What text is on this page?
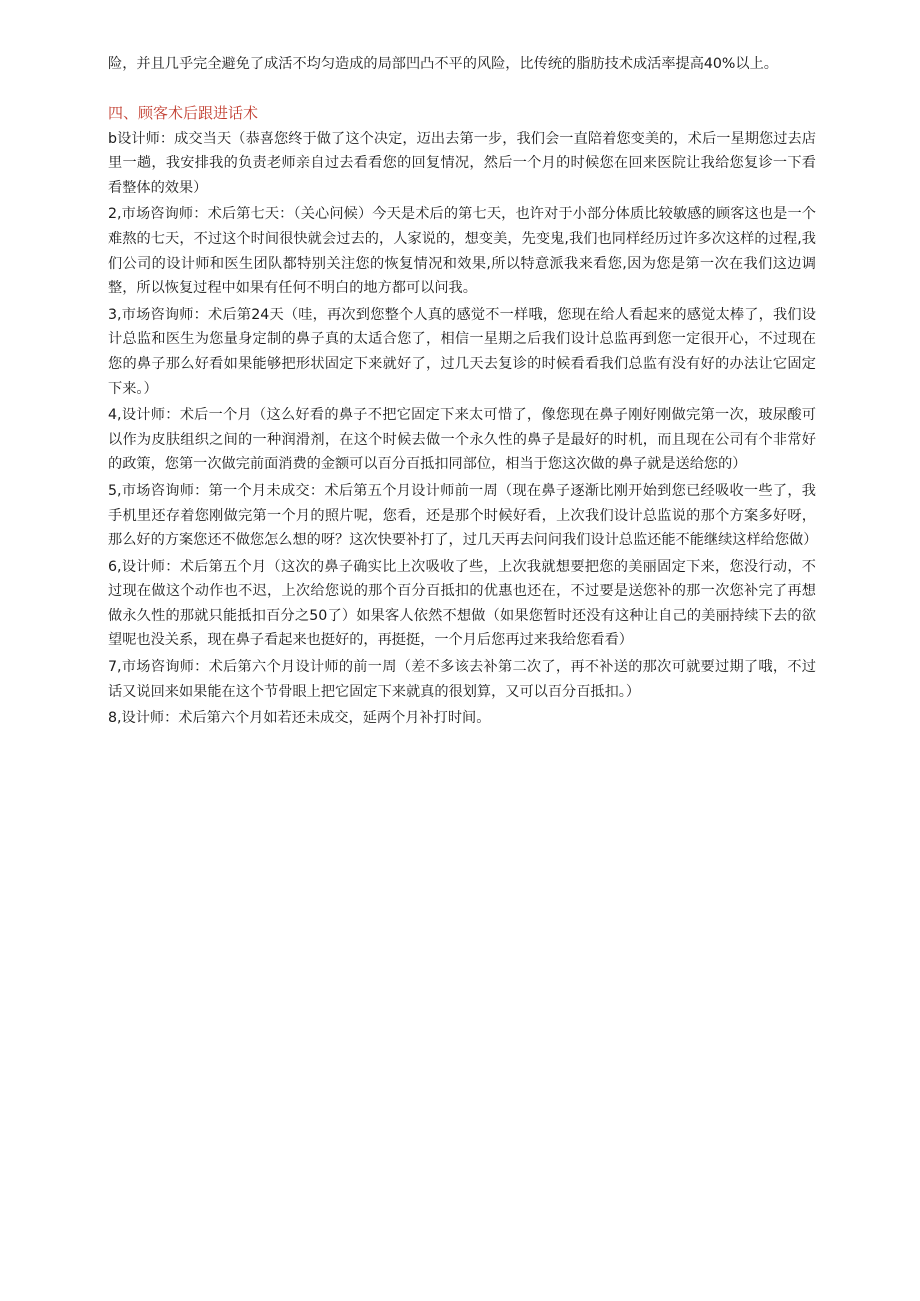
险，并且几乎完全避免了成活不均匀造成的局部凹凸不平的风险，比传统的脂肪技术成活率提高40%以上。

四、顾客术后跟进话术

b设计师：成交当天（恭喜您终于做了这个决定，迈出去第一步，我们会一直陪着您变美的，术后一星期您过去店里一趟，我安排我的负责老师亲自过去看看您的回复情况，然后一个月的时候您在回来医院让我给您复诊一下看看整体的效果）

2,市场咨询师：术后第七天：（关心问候）今天是术后的第七天，也许对于小部分体质比较敏感的顾客这也是一个难熬的七天，不过这个时间很快就会过去的，人家说的，想变美，先变鬼,我们也同样经历过许多次这样的过程,我们公司的设计师和医生团队都特别关注您的恢复情况和效果,所以特意派我来看您,因为您是第一次在我们这边调整，所以恢复过程中如果有任何不明白的地方都可以问我。

3,市场咨询师：术后第24天（哇，再次到您整个人真的感觉不一样哦，您现在给人看起来的感觉太棒了，我们设计总监和医生为您量身定制的鼻子真的太适合您了，相信一星期之后我们设计总监再到您一定很开心，不过现在您的鼻子那么好看如果能够把形状固定下来就好了，过几天去复诊的时候看看我们总监有没有好的办法让它固定下来。）

4,设计师：术后一个月（这么好看的鼻子不把它固定下来太可惜了，像您现在鼻子刚好刚做完第一次，玻尿酸可以作为皮肤组织之间的一种润滑剂，在这个时候去做一个永久性的鼻子是最好的时机，而且现在公司有个非常好的政策，您第一次做完前面消费的金额可以百分百抵扣同部位，相当于您这次做的鼻子就是送给您的）

5,市场咨询师：第一个月未成交：术后第五个月设计师前一周（现在鼻子逐渐比刚开始到您已经吸收一些了，我手机里还存着您刚做完第一个月的照片呢，您看，还是那个时候好看，上次我们设计总监说的那个方案多好呀，那么好的方案您还不做您怎么想的呀？这次快要补打了，过几天再去问问我们设计总监还能不能继续这样给您做）

6,设计师：术后第五个月（这次的鼻子确实比上次吸收了些，上次我就想要把您的美丽固定下来，您没行动，不过现在做这个动作也不迟，上次给您说的那个百分百抵扣的优惠也还在，不过要是送您补的那一次您补完了再想做永久性的那就只能抵扣百分之50了）如果客人依然不想做（如果您暂时还没有这种让自己的美丽持续下去的欲望呢也没关系，现在鼻子看起来也挺好的，再挺挺，一个月后您再过来我给您看看）

7,市场咨询师：术后第六个月设计师的前一周（差不多该去补第二次了，再不补送的那次可就要过期了哦，不过话又说回来如果能在这个节骨眼上把它固定下来就真的很划算，又可以百分百抵扣。）

8,设计师：术后第六个月如若还未成交，延两个月补打时间。
